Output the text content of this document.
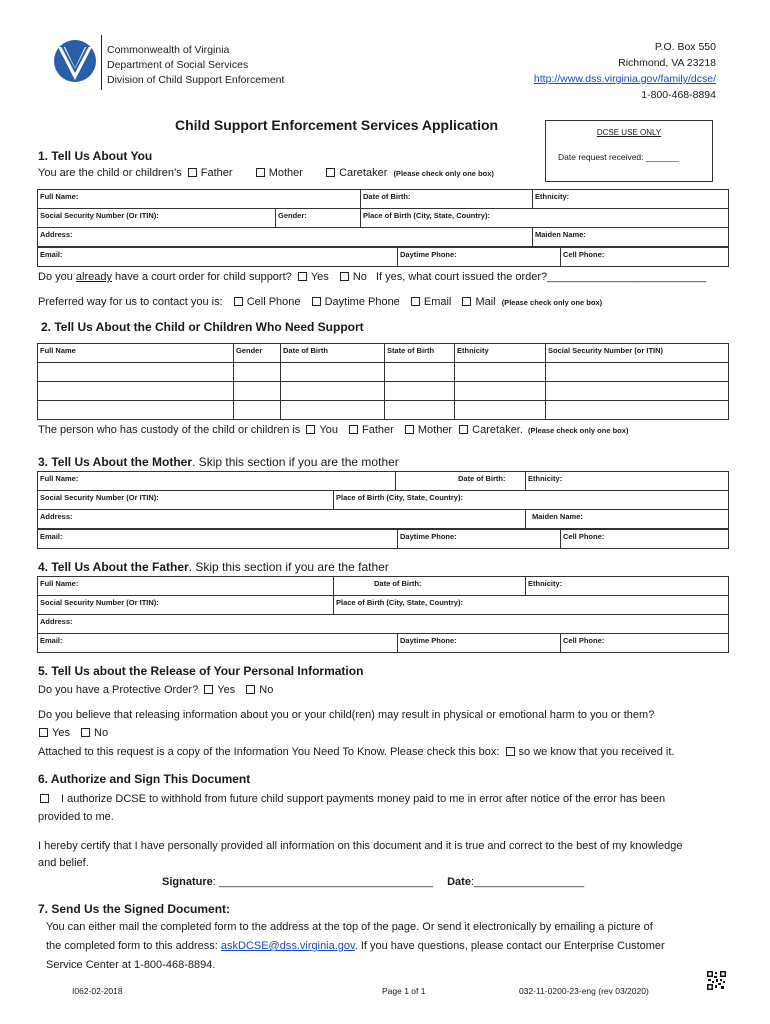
Commonwealth of Virginia
Department of Social Services
Division of Child Support Enforcement
P.O. Box 550
Richmond, VA 23218
http://www.dss.virginia.gov/family/dcse/
1-800-468-8894
Child Support Enforcement Services Application	DCSE USE ONLY
Date request received: _______
1. Tell Us About You
You are the child or children’s Father	Mother	Caretaker (Please check only one box)
Full Name:		Date of Birth:	Ethnicity:
Social Security Number (Or ITIN):	Gender:	Place of Birth (City, State, Country):	
Address:			Maiden Name:
Email:	Daytime Phone:	Cell Phone:
Do you already have a court order for child support? Yes No If yes, what court issued the order?__________________________
Preferred way for us to contact you is: Cell Phone Daytime Phone Email Mail (Please check only one box)
2. Tell Us About the Child or Children Who Need Support
Full Name	Gender	Date of Birth	State of Birth	Ethnicity	Social Security Number (or ITIN)

The person who has custody of the child or children is You Father Mother Caretaker. (Please check only one box)
3. Tell Us About the Mother. Skip this section if you are the mother
Full Name:		Date of Birth:	Ethnicity:
Social Security Number (Or ITIN):	Place of Birth (City, State, Country):		
Address:			Maiden Name:
Email:	Daytime Phone:	Cell Phone:
4. Tell Us About the Father. Skip this section if you are the father
Full Name:	Date of Birth:	Ethnicity:
Social Security Number (Or ITIN):	Place of Birth (City, State, Country):	
Address:		
Email:	Daytime Phone:	Cell Phone:
5. Tell Us about the Release of Your Personal Information
Do you have a Protective Order? Yes No
Do you believe that releasing information about you or your child(ren) may result in physical or emotional harm to you or them?
Yes No
Attached to this request is a copy of the Information You Need To Know. Please check this box: so we know that you received it.
6. Authorize and Sign This Document
I authorize DCSE to withhold from future child support payments money paid to me in error after notice of the error has been
provided to me.
I hereby certify that I have personally provided all information on this document and it is true and correct to the best of my knowledge
and belief.
Signature: ___________________________________ Date:__________________
7. Send Us the Signed Document:
You can either mail the completed form to the address at the top of the page. Or send it electronically by emailing a picture of
the completed form to this address: askDCSE@dss.virginia.gov. If you have questions, please contact our Enterprise Customer
Service Center at 1-800-468-8894.
I062-02-2018	Page 1 of 1	032-11-0200-23-eng (rev 03/2020)
